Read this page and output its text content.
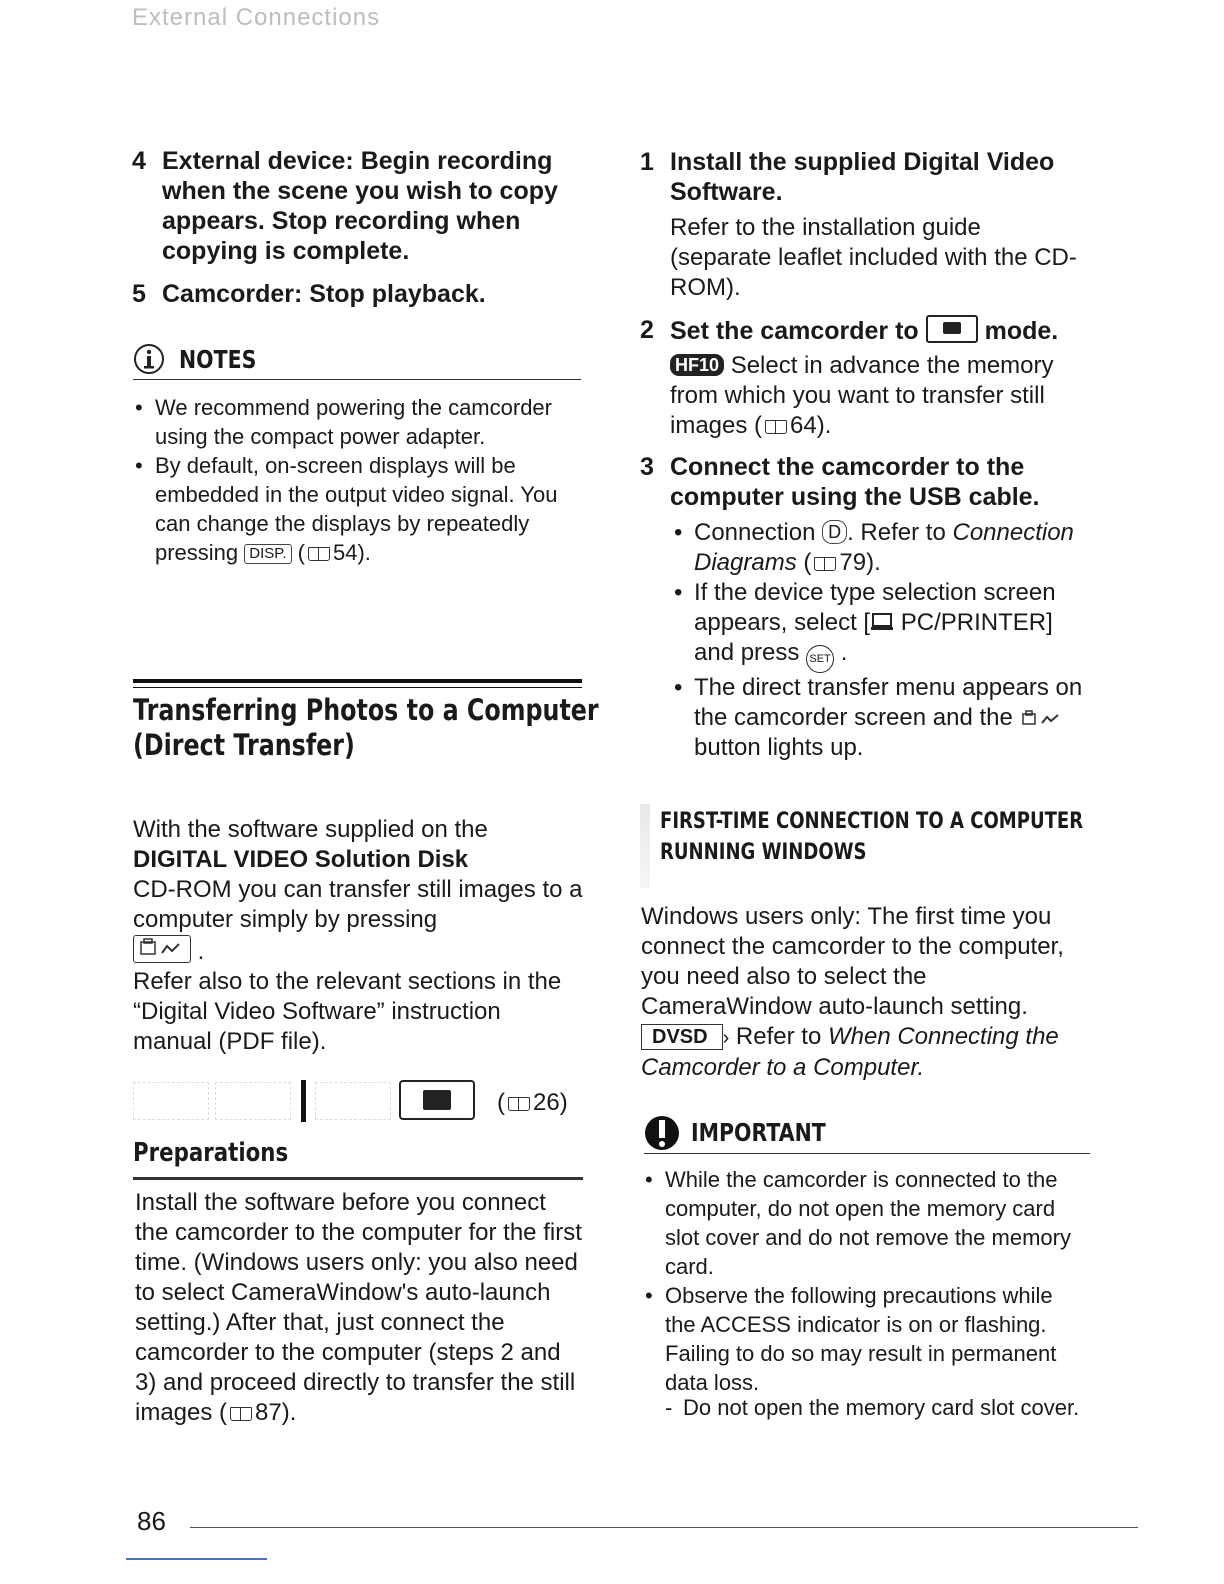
External Connections
4 External device: Begin recording when the scene you wish to copy appears. Stop recording when copying is complete.
5 Camcorder: Stop playback.
NOTES
• We recommend powering the camcorder using the compact power adapter.
• By default, on-screen displays will be embedded in the output video signal. You can change the displays by repeatedly pressing DISP. ( 54).
Transferring Photos to a Computer
(Direct Transfer)
With the software supplied on the
DIGITAL VIDEO Solution Disk
CD-ROM you can transfer still images to a computer simply by pressing
.
Refer also to the relevant sections in the “Digital Video Software” instruction manual (PDF file).
( 26)
Preparations
Install the software before you connect the camcorder to the computer for the first time. (Windows users only: you also need to select CameraWindow's auto-launch setting.) After that, just connect the camcorder to the computer (steps 2 and 3) and proceed directly to transfer the still images ( 87).
1 Install the supplied Digital Video Software.
Refer to the installation guide (separate leaflet included with the CD-ROM).
2 Set the camcorder to	mode.
HF10 Select in advance the memory from which you want to transfer still images ( 64).
3 Connect the camcorder to the computer using the USB cable.
• Connection D . Refer to Connection Diagrams ( 79).
• If the device type selection screen appears, select [ PC/PRINTER] and press SET .
• The direct transfer menu appears on the camcorder screen and the  button lights up.
FIRST-TIME CONNECTION TO A COMPUTER
RUNNING WINDOWS
Windows users only: The first time you connect the camcorder to the computer, you need also to select the CameraWindow auto-launch setting.
DVSD › Refer to When Connecting the
Camcorder to a Computer.
IMPORTANT
• While the camcorder is connected to the computer, do not open the memory card slot cover and do not remove the memory card.
• Observe the following precautions while the ACCESS indicator is on or flashing. Failing to do so may result in permanent data loss.
- Do not open the memory card slot cover.
86
